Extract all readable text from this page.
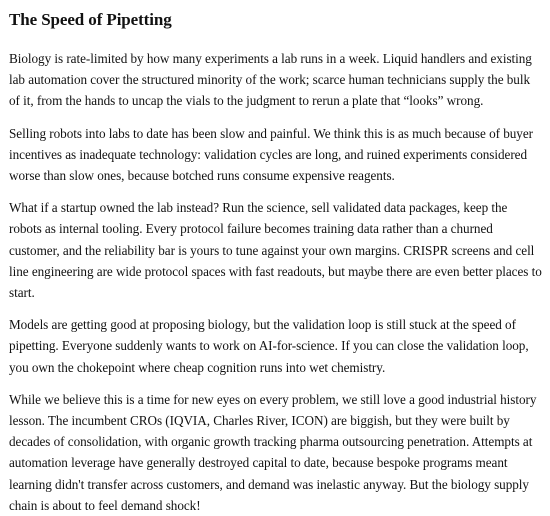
The Speed of Pipetting

Biology is rate-limited by how many experiments a lab runs in a week. Liquid handlers and existing lab automation cover the structured minority of the work; scarce human technicians supply the bulk of it, from the hands to uncap the vials to the judgment to rerun a plate that “looks” wrong.

Selling robots into labs to date has been slow and painful. We think this is as much because of buyer incentives as inadequate technology: validation cycles are long, and ruined experiments considered worse than slow ones, because botched runs consume expensive reagents.

What if a startup owned the lab instead? Run the science, sell validated data packages, keep the robots as internal tooling. Every protocol failure becomes training data rather than a churned customer, and the reliability bar is yours to tune against your own margins. CRISPR screens and cell line engineering are wide protocol spaces with fast readouts, but maybe there are even better places to start.

Models are getting good at proposing biology, but the validation loop is still stuck at the speed of pipetting. Everyone suddenly wants to work on AI-for-science. If you can close the validation loop, you own the chokepoint where cheap cognition runs into wet chemistry.

While we believe this is a time for new eyes on every problem, we still love a good industrial history lesson. The incumbent CROs (IQVIA, Charles River, ICON) are biggish, but they were built by decades of consolidation, with organic growth tracking pharma outsourcing penetration. Attempts at automation leverage have generally destroyed capital to date, because bespoke programs meant learning didn't transfer across customers, and demand was inelastic anyway. But the biology supply chain is about to feel demand shock!
